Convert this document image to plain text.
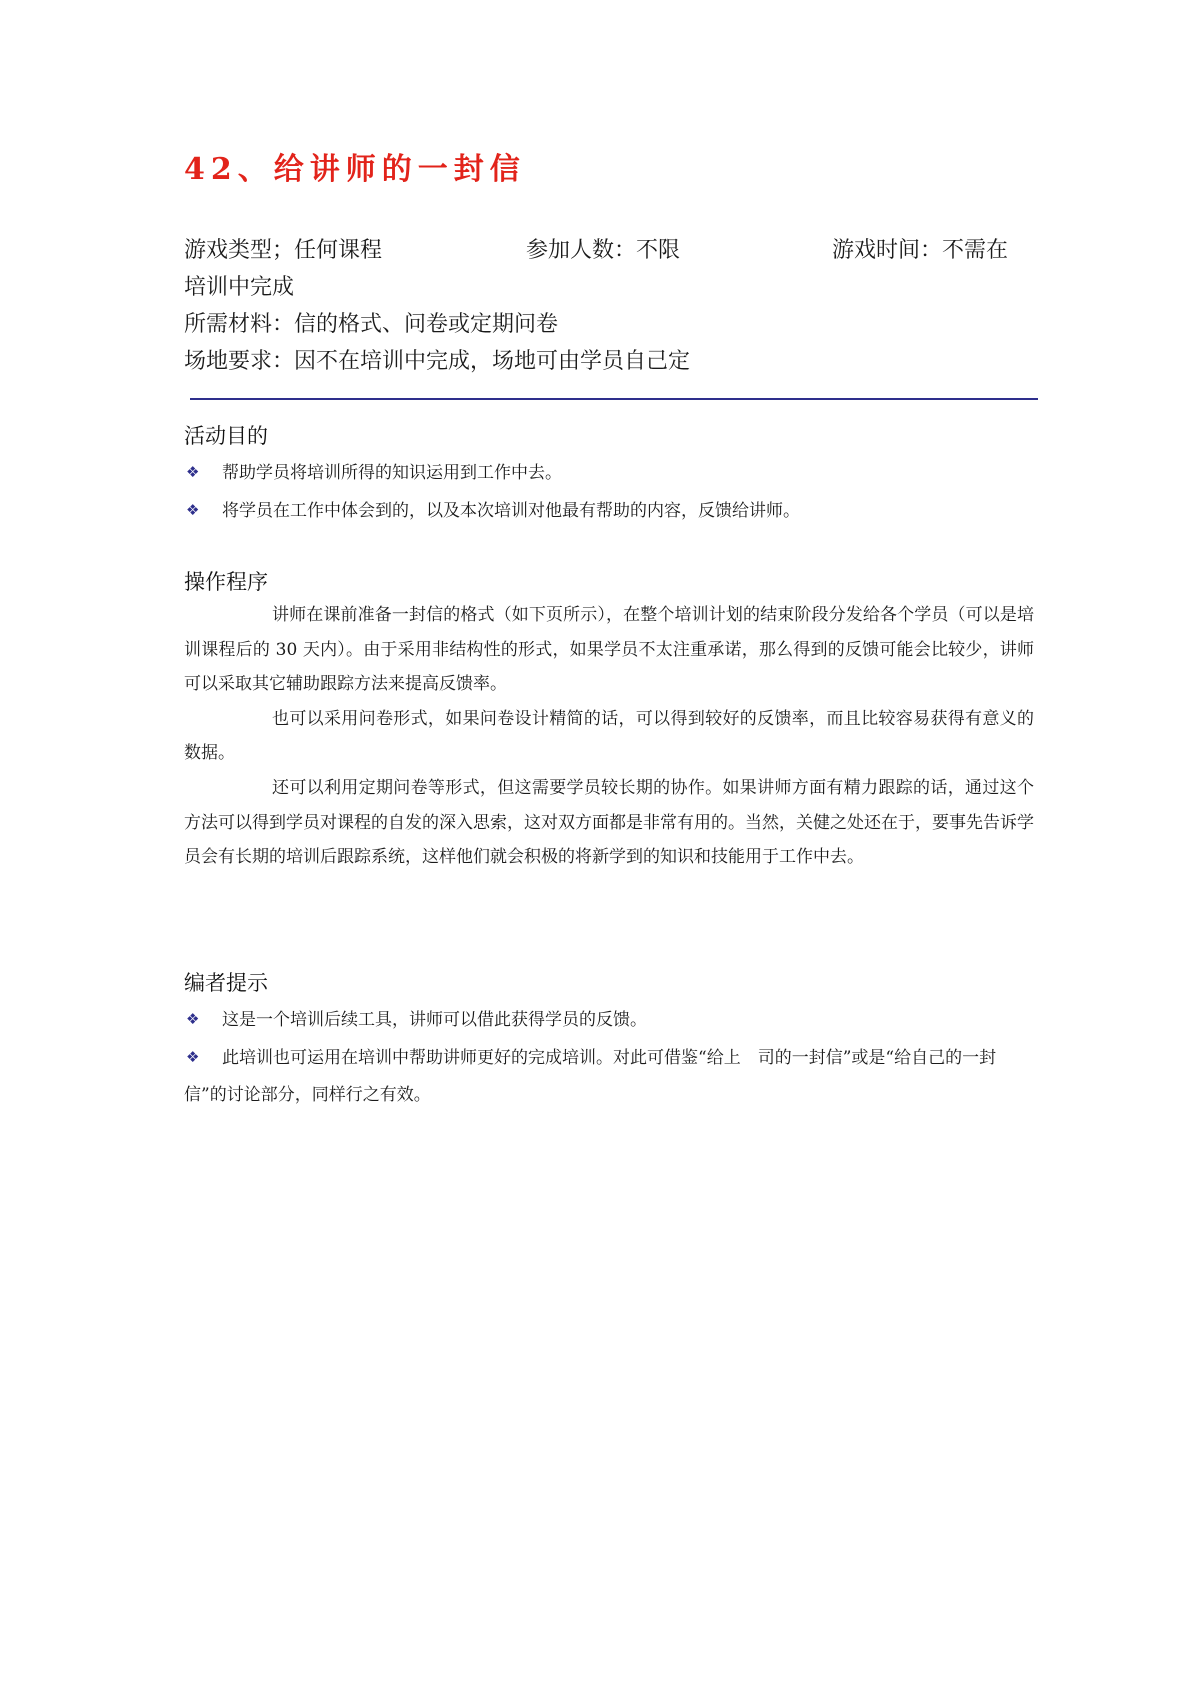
42、给讲师的一封信
游戏类型；任何课程	参加人数：不限	游戏时间：不需在
培训中完成
所需材料：信的格式、问卷或定期问卷
场地要求：因不在培训中完成，场地可由学员自己定
活动目的
❖ 帮助学员将培训所得的知识运用到工作中去。
❖ 将学员在工作中体会到的，以及本次培训对他最有帮助的内容，反馈给讲师。
操作程序

讲师在课前准备一封信的格式（如下页所示），在整个培训计划的结束阶段分发给各个学员（可以是培训课程后的 30 天内）。由于采用非结构性的形式，如果学员不太注重承诺，那么得到的反馈可能会比较少，讲师可以采取其它辅助跟踪方法来提高反馈率。

也可以采用问卷形式，如果问卷设计精简的话，可以得到较好的反馈率，而且比较容易获得有意义的数据。

还可以利用定期问卷等形式，但这需要学员较长期的协作。如果讲师方面有精力跟踪的话，通过这个方法可以得到学员对课程的自发的深入思索，这对双方面都是非常有用的。当然，关健之处还在于，要事先告诉学员会有长期的培训后跟踪系统，这样他们就会积极的将新学到的知识和技能用于工作中去。

编者提示
❖ 这是一个培训后续工具，讲师可以借此获得学员的反馈。
❖ 此培训也可运用在培训中帮助讲师更好的完成培训。对此可借鉴“给上　司的一封信”或是“给自己的一封信”的讨论部分，同样行之有效。
